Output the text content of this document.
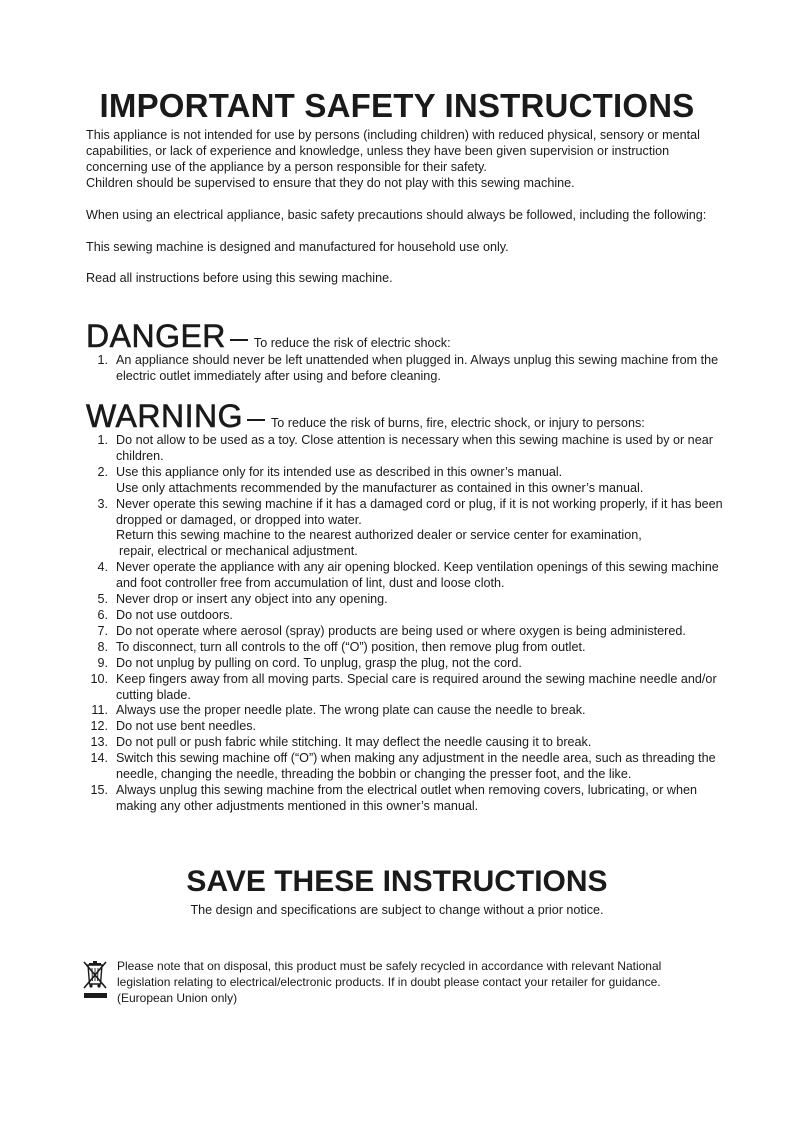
IMPORTANT SAFETY INSTRUCTIONS

This appliance is not intended for use by persons (including children) with reduced physical, sensory or mental capabilities, or lack of experience and knowledge, unless they have been given supervision or instruction concerning use of the appliance by a person responsible for their safety.

Children should be supervised to ensure that they do not play with this sewing machine.

When using an electrical appliance, basic safety precautions should always be followed, including the following:

This sewing machine is designed and manufactured for household use only.

Read all instructions before using this sewing machine.

DANGER To reduce the risk of electric shock:
1. An appliance should never be left unattended when plugged in. Always unplug this sewing machine from the electric outlet immediately after using and before cleaning.
WARNING To reduce the risk of burns, fire, electric shock, or injury to persons:
1. Do not allow to be used as a toy. Close attention is necessary when this sewing machine is used by or near children.
2. Use this appliance only for its intended use as described in this owner’s manual.
Use only attachments recommended by the manufacturer as contained in this owner’s manual.
3. Never operate this sewing machine if it has a damaged cord or plug, if it is not working properly, if it has been dropped or damaged, or dropped into water.
Return this sewing machine to the nearest authorized dealer or service center for examination,
repair, electrical or mechanical adjustment.
4. Never operate the appliance with any air opening blocked. Keep ventilation openings of this sewing machine and foot controller free from accumulation of lint, dust and loose cloth.
5. Never drop or insert any object into any opening.
6. Do not use outdoors.
7. Do not operate where aerosol (spray) products are being used or where oxygen is being administered.
8. To disconnect, turn all controls to the off (“O”) position, then remove plug from outlet.
9. Do not unplug by pulling on cord. To unplug, grasp the plug, not the cord.
10. Keep fingers away from all moving parts. Special care is required around the sewing machine needle and/or cutting blade.
11. Always use the proper needle plate. The wrong plate can cause the needle to break.
12. Do not use bent needles.
13. Do not pull or push fabric while stitching. It may deflect the needle causing it to break.
14. Switch this sewing machine off (“O”) when making any adjustment in the needle area, such as threading the needle, changing the needle, threading the bobbin or changing the presser foot, and the like.
15. Always unplug this sewing machine from the electrical outlet when removing covers, lubricating, or when making any other adjustments mentioned in this owner’s manual.
SAVE THESE INSTRUCTIONS
The design and specifications are subject to change without a prior notice.

Please note that on disposal, this product must be safely recycled in accordance with relevant National legislation relating to electrical/electronic products. If in doubt please contact your retailer for guidance.

(European Union only)
